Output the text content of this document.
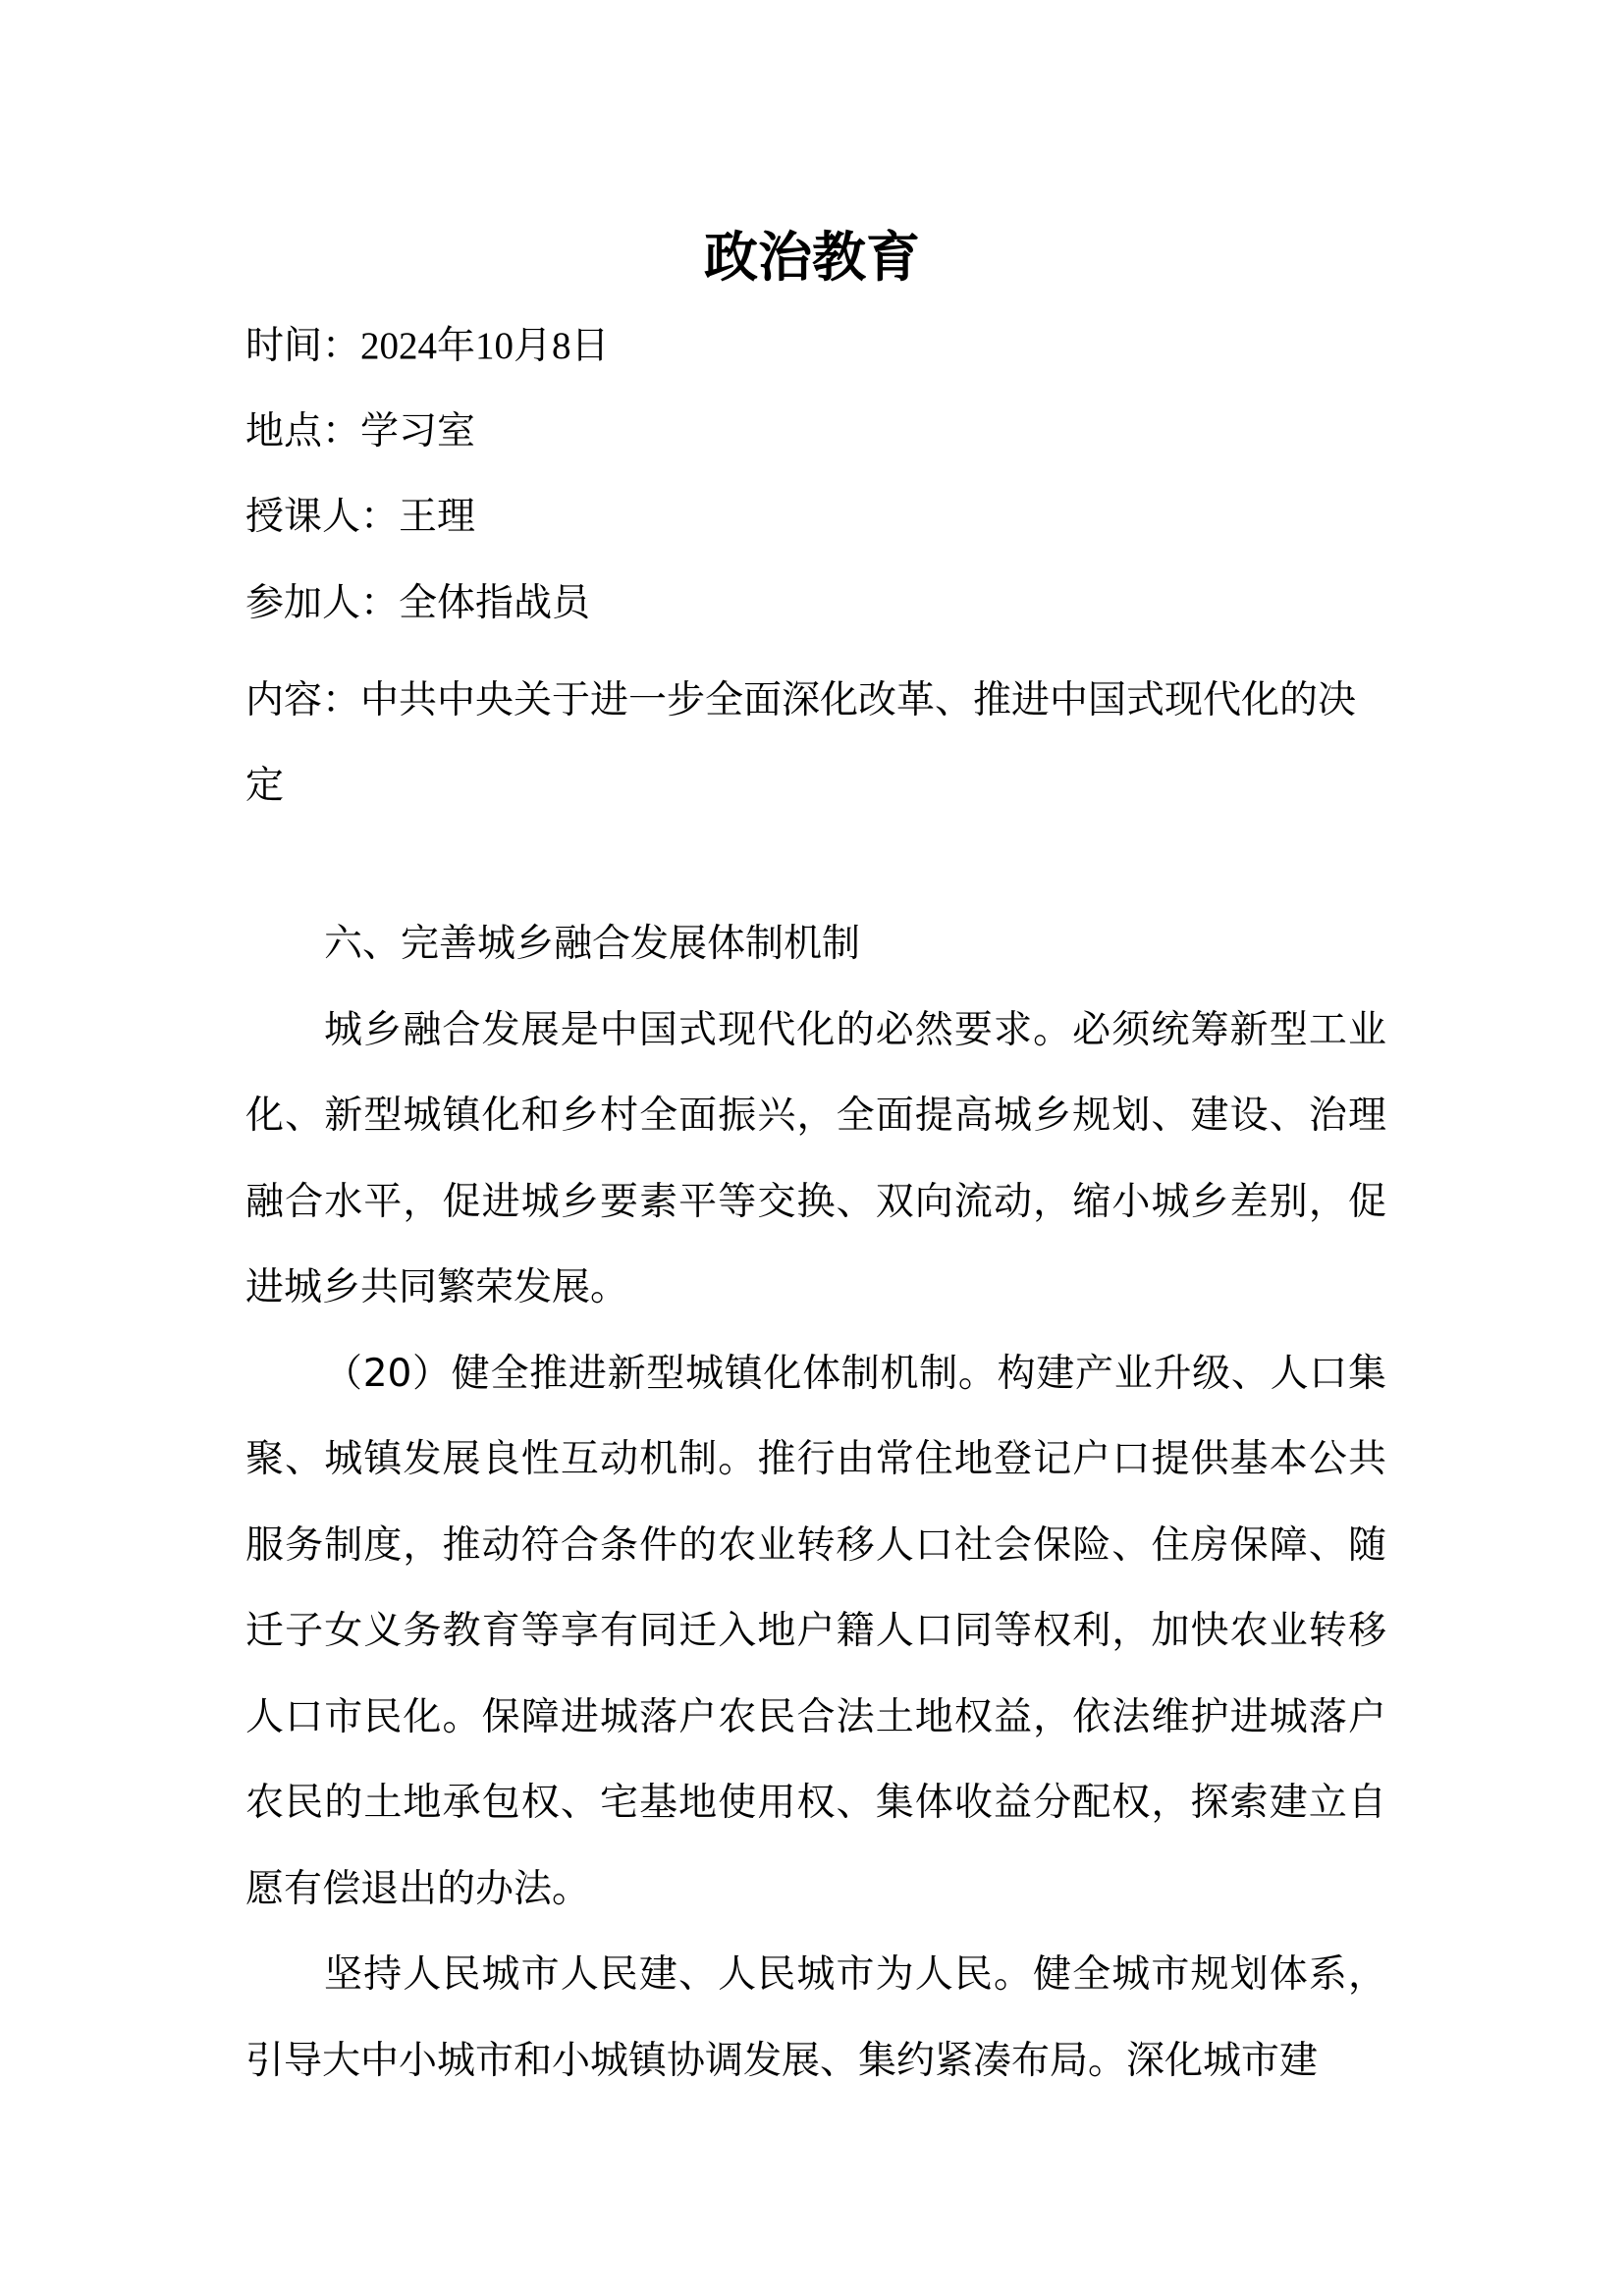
政治教育
时间：2024年10月8日
地点：学习室
授课人：王理
参加人：全体指战员
内容：中共中央关于进一步全面深化改革、推进中国式现代化的决定

六、完善城乡融合发展体制机制

城乡融合发展是中国式现代化的必然要求。必须统筹新型工业化、新型城镇化和乡村全面振兴，全面提高城乡规划、建设、治理融合水平，促进城乡要素平等交换、双向流动，缩小城乡差别，促进城乡共同繁荣发展。

（20）健全推进新型城镇化体制机制。构建产业升级、人口集聚、城镇发展良性互动机制。推行由常住地登记户口提供基本公共服务制度，推动符合条件的农业转移人口社会保险、住房保障、随迁子女义务教育等享有同迁入地户籍人口同等权利，加快农业转移人口市民化。保障进城落户农民合法土地权益，依法维护进城落户农民的土地承包权、宅基地使用权、集体收益分配权，探索建立自愿有偿退出的办法。

坚持人民城市人民建、人民城市为人民。健全城市规划体系，引导大中小城市和小城镇协调发展、集约紧凑布局。深化城市建
